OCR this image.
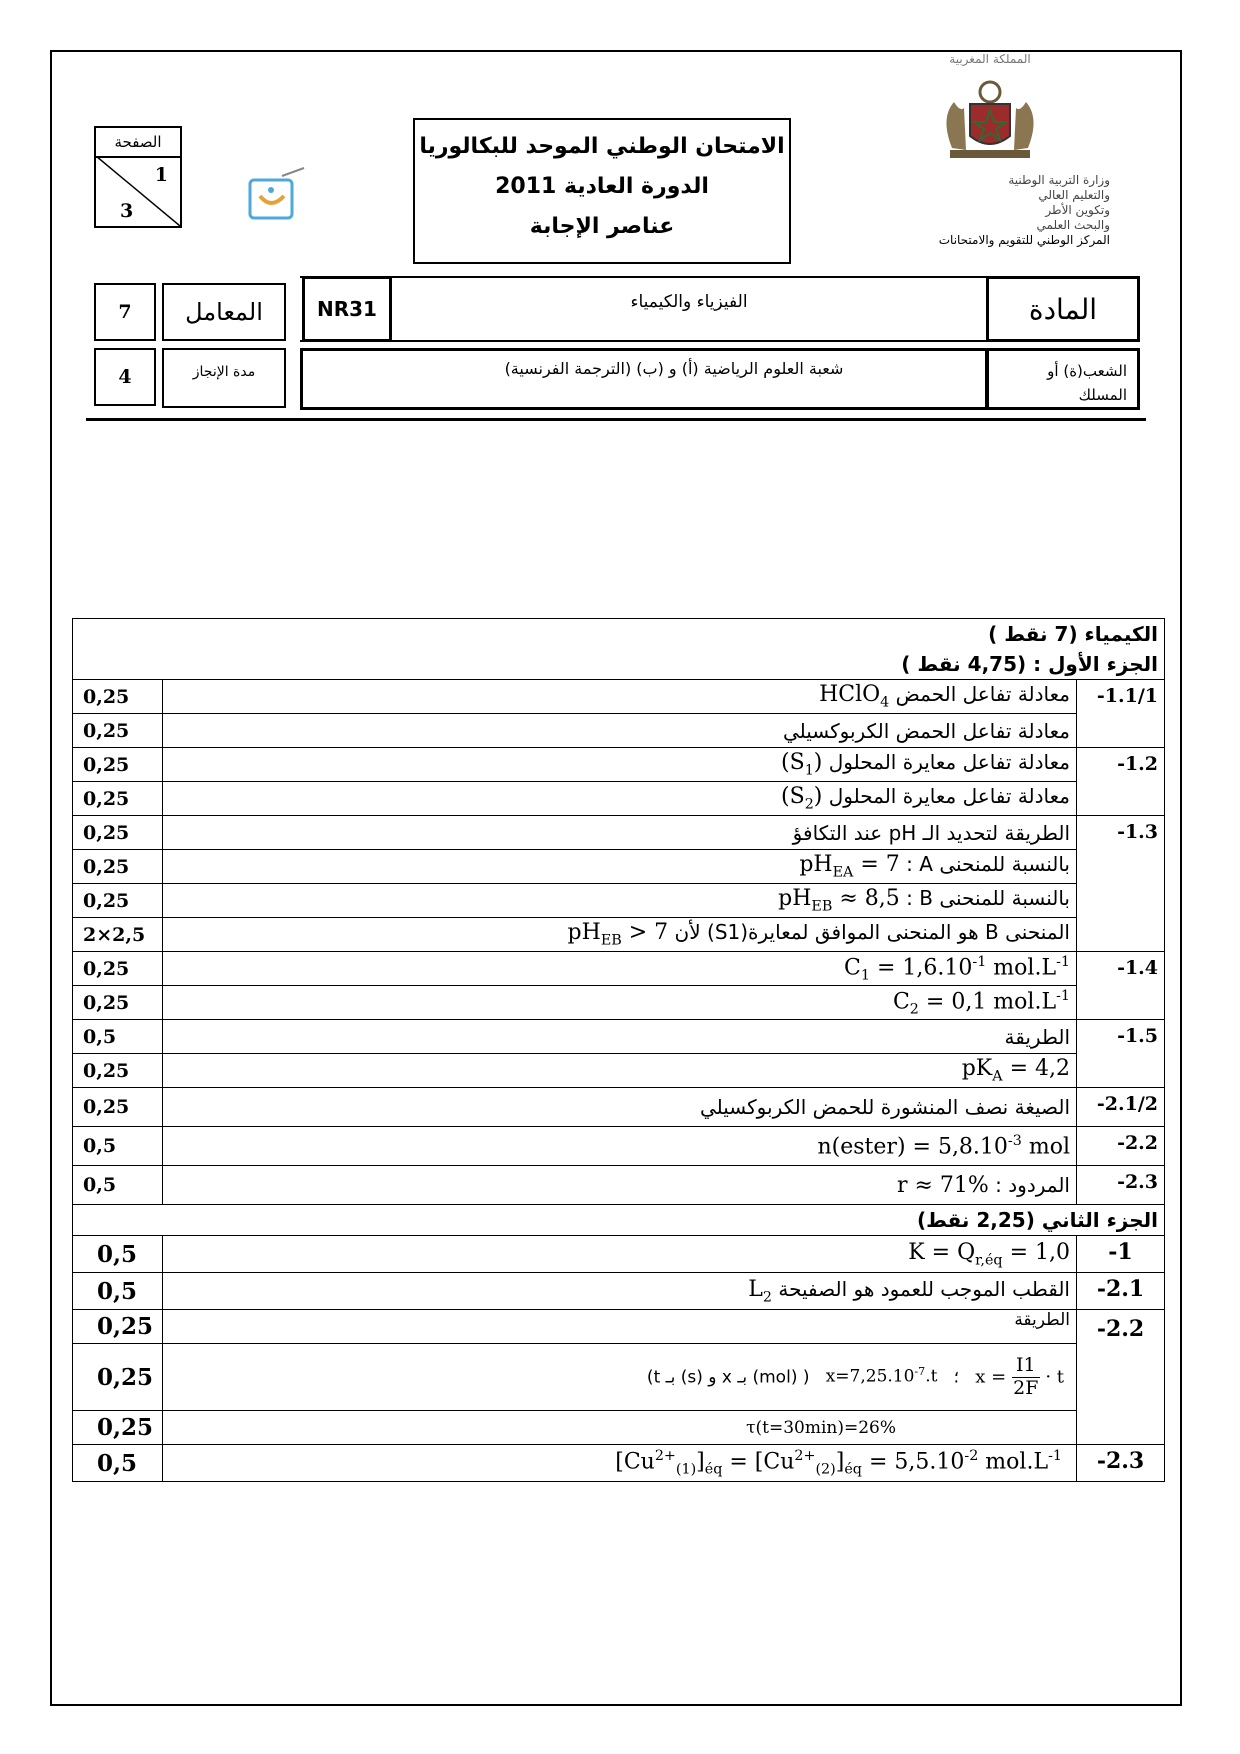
المملكة المغربية
وزارة التربية الوطنية
والتعليم العالي
وتكوين الأطر
والبحث العلمي
المركز الوطني للتقويم والامتحانات
الامتحان الوطني الموحد للبكالوريا
الدورة العادية 2011
عناصر الإجابة
الصفحة
1
3
7	المعامل	NR31	الفيزياء والكيمياء	المادة
4	مدة الإنجاز	شعبة العلوم الرياضية (أ) و (ب) (الترجمة الفرنسية)	الشعب(ة) أو المسلك
الكيمياء (7 نقط )		
الجزء الأول : (4,75 نقط )		
0,25	معادلة تفاعل الحمض HClO$_4$	-1.1/1
0,25	معادلة تفاعل الحمض الكربوكسيلي	
0,25	معادلة تفاعل معايرة المحلول $(S_1)$	-1.2
0,25	معادلة تفاعل معايرة المحلول $(S_2)$	
0,25	الطريقة لتحديد الـ pH عند التكافؤ	-1.3
0,25	بالنسبة للمنحنى A : $pH_{EA} = 7$	
0,25	بالنسبة للمنحنى B : $pH_{EB} \approx 8,5$	
2×2,5	المنحنى B هو المنحنى الموافق لمعايرة(S1) لأن $pH_{EB} > 7$	
0,25	$C_1 = 1,6.10^{-1}$ $mol.L^{-1}$	-1.4
0,25	$C_2 = 0,1$ $mol.L^{-1}$
0,5	الطريقة	-1.5
0,25	$pK_A = 4,2$	
0,25	الصيغة نصف المنشورة للحمض الكربوكسيلي	-2.1/2
0,5	n(ester) = $5,8.10^{-3}$ mol	-2.2
0,5	المردود : r ≈ 71%	-2.3
الجزء الثاني (2,25 نقط)		
0,5	$K = Q_{r,éq} = 1,0$	-1
0,5	القطب الموجب للعمود هو الصفيحة $L_2$	-2.1
0,25	الطريقة	-2.2
0,25	$x = \frac{I1}{2F} \cdot t$   ؛   $x=7,25.10^{-7}.t$   ( (mol) بـ x و (s) بـ t)	
0,25	τ(t=30min)=26%	
0,5	$[Cu^{2+}_{(1)}]_{éq} = [Cu^{2+}_{(2)}]_{éq} = 5,5.10^{-2}$ $mol.L^{-1}$	-2.3
